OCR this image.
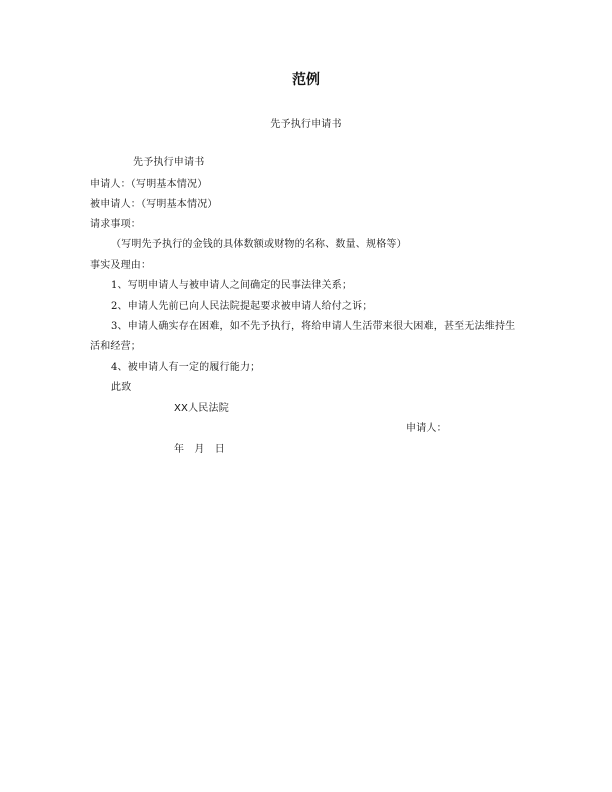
范例
先予执行申请书
先予执行申请书
申请人：（写明基本情况）
被申请人：（写明基本情况）
请求事项：
（写明先予执行的金钱的具体数额或财物的名称、数量、规格等）
事实及理由：
1、写明申请人与被申请人之间确定的民事法律关系；
2、申请人先前已向人民法院提起要求被申请人给付之诉；
3、申请人确实存在困难，如不先予执行，将给申请人生活带来很大困难，甚至无法维持生
活和经营；
4、被申请人有一定的履行能力；
此致
XX人民法院
申请人：
年　月　日
